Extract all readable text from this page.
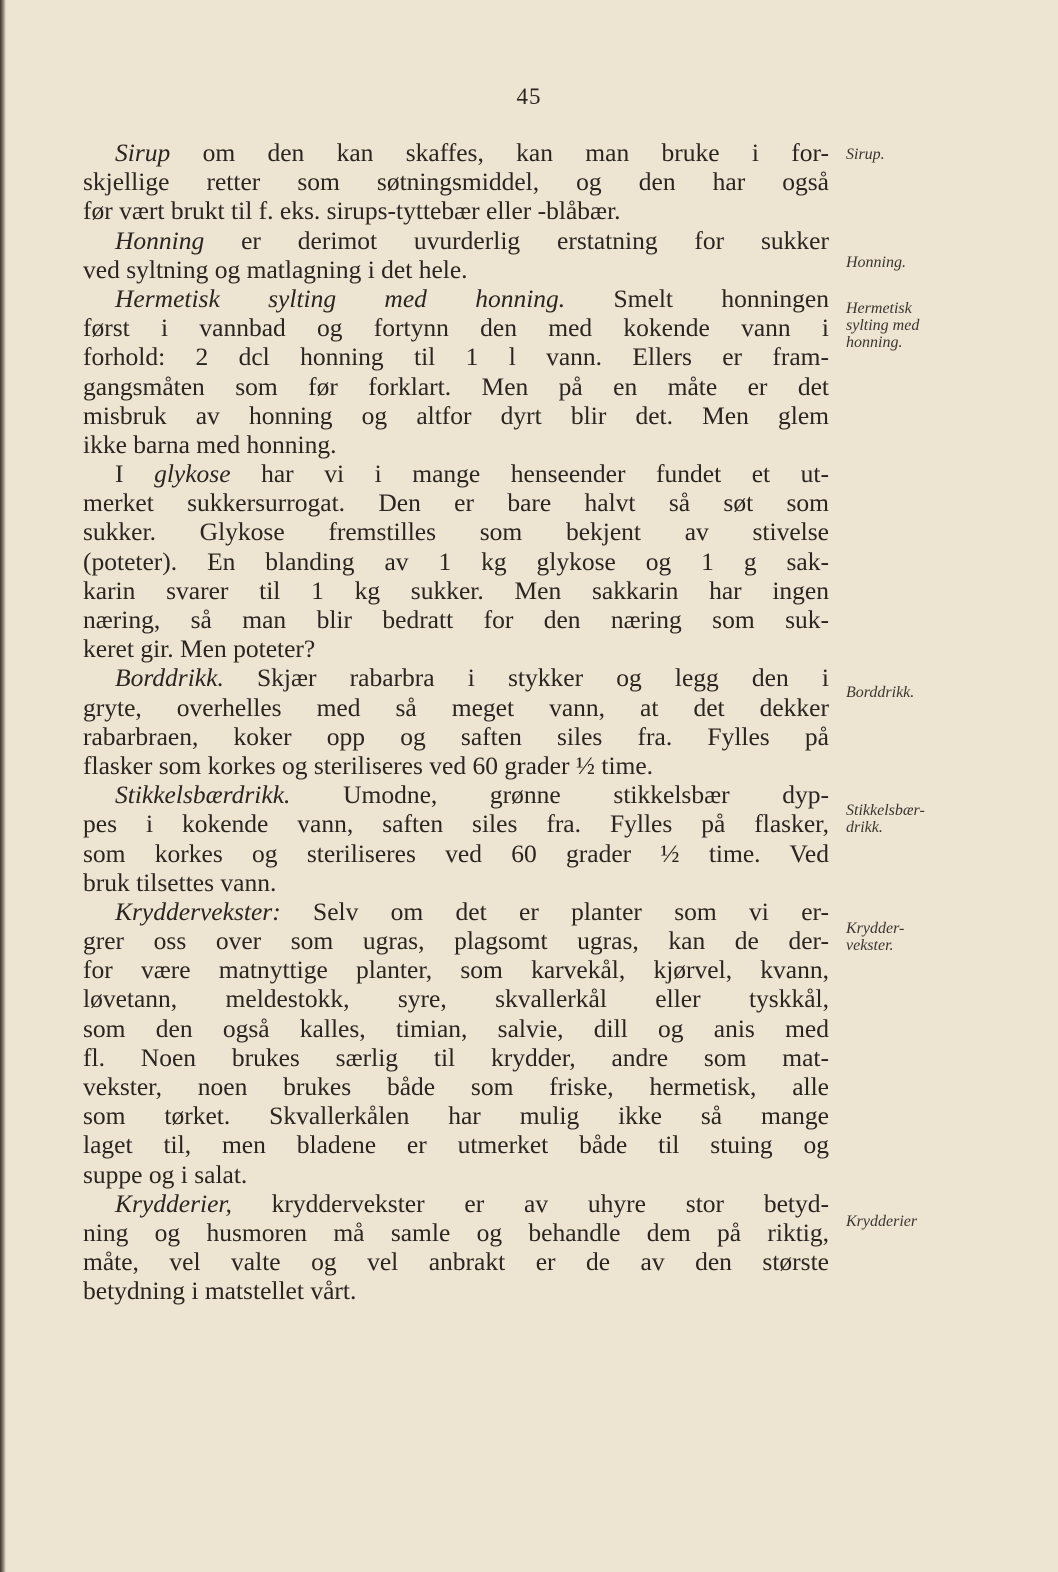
45
Sirup om den kan skaffes, kan man bruke i for-
skjellige retter som søtningsmiddel, og den har også
før vært brukt til f. eks. sirups-tyttebær eller -blåbær.
Honning er derimot uvurderlig erstatning for sukker
ved syltning og matlagning i det hele.
Hermetisk sylting med honning. Smelt honningen
først i vannbad og fortynn den med kokende vann i
forhold: 2 dcl honning til 1 l vann. Ellers er fram-
gangsmåten som før forklart. Men på en måte er det
misbruk av honning og altfor dyrt blir det. Men glem
ikke barna med honning.
I glykose har vi i mange henseender fundet et ut-
merket sukkersurrogat. Den er bare halvt så søt som
sukker. Glykose fremstilles som bekjent av stivelse
(poteter). En blanding av 1 kg glykose og 1 g sak-
karin svarer til 1 kg sukker. Men sakkarin har ingen
næring, så man blir bedratt for den næring som suk-
keret gir. Men poteter?
Borddrikk. Skjær rabarbra i stykker og legg den i
gryte, overhelles med så meget vann, at det dekker
rabarbraen, koker opp og saften siles fra. Fylles på
flasker som korkes og steriliseres ved 60 grader ½ time.
Stikkelsbærdrikk. Umodne, grønne stikkelsbær dyp-
pes i kokende vann, saften siles fra. Fylles på flasker,
som korkes og steriliseres ved 60 grader ½ time. Ved
bruk tilsettes vann.
Kryddervekster: Selv om det er planter som vi er-
grer oss over som ugras, plagsomt ugras, kan de der-
for være matnyttige planter, som karvekål, kjørvel, kvann,
løvetann, meldestokk, syre, skvallerkål eller tyskkål,
som den også kalles, timian, salvie, dill og anis med
fl. Noen brukes særlig til krydder, andre som mat-
vekster, noen brukes både som friske, hermetisk, alle
som tørket. Skvallerkålen har mulig ikke så mange
laget til, men bladene er utmerket både til stuing og
suppe og i salat.
Krydderier, kryddervekster er av uhyre stor betyd-
ning og husmoren må samle og behandle dem på riktig,
måte, vel valte og vel anbrakt er de av den største
betydning i matstellet vårt.
Sirup.
Honning.
Hermetisk
sylting med
honning.
Borddrikk.
Stikkelsbær-
drikk.
Krydder-
vekster.
Krydderier
